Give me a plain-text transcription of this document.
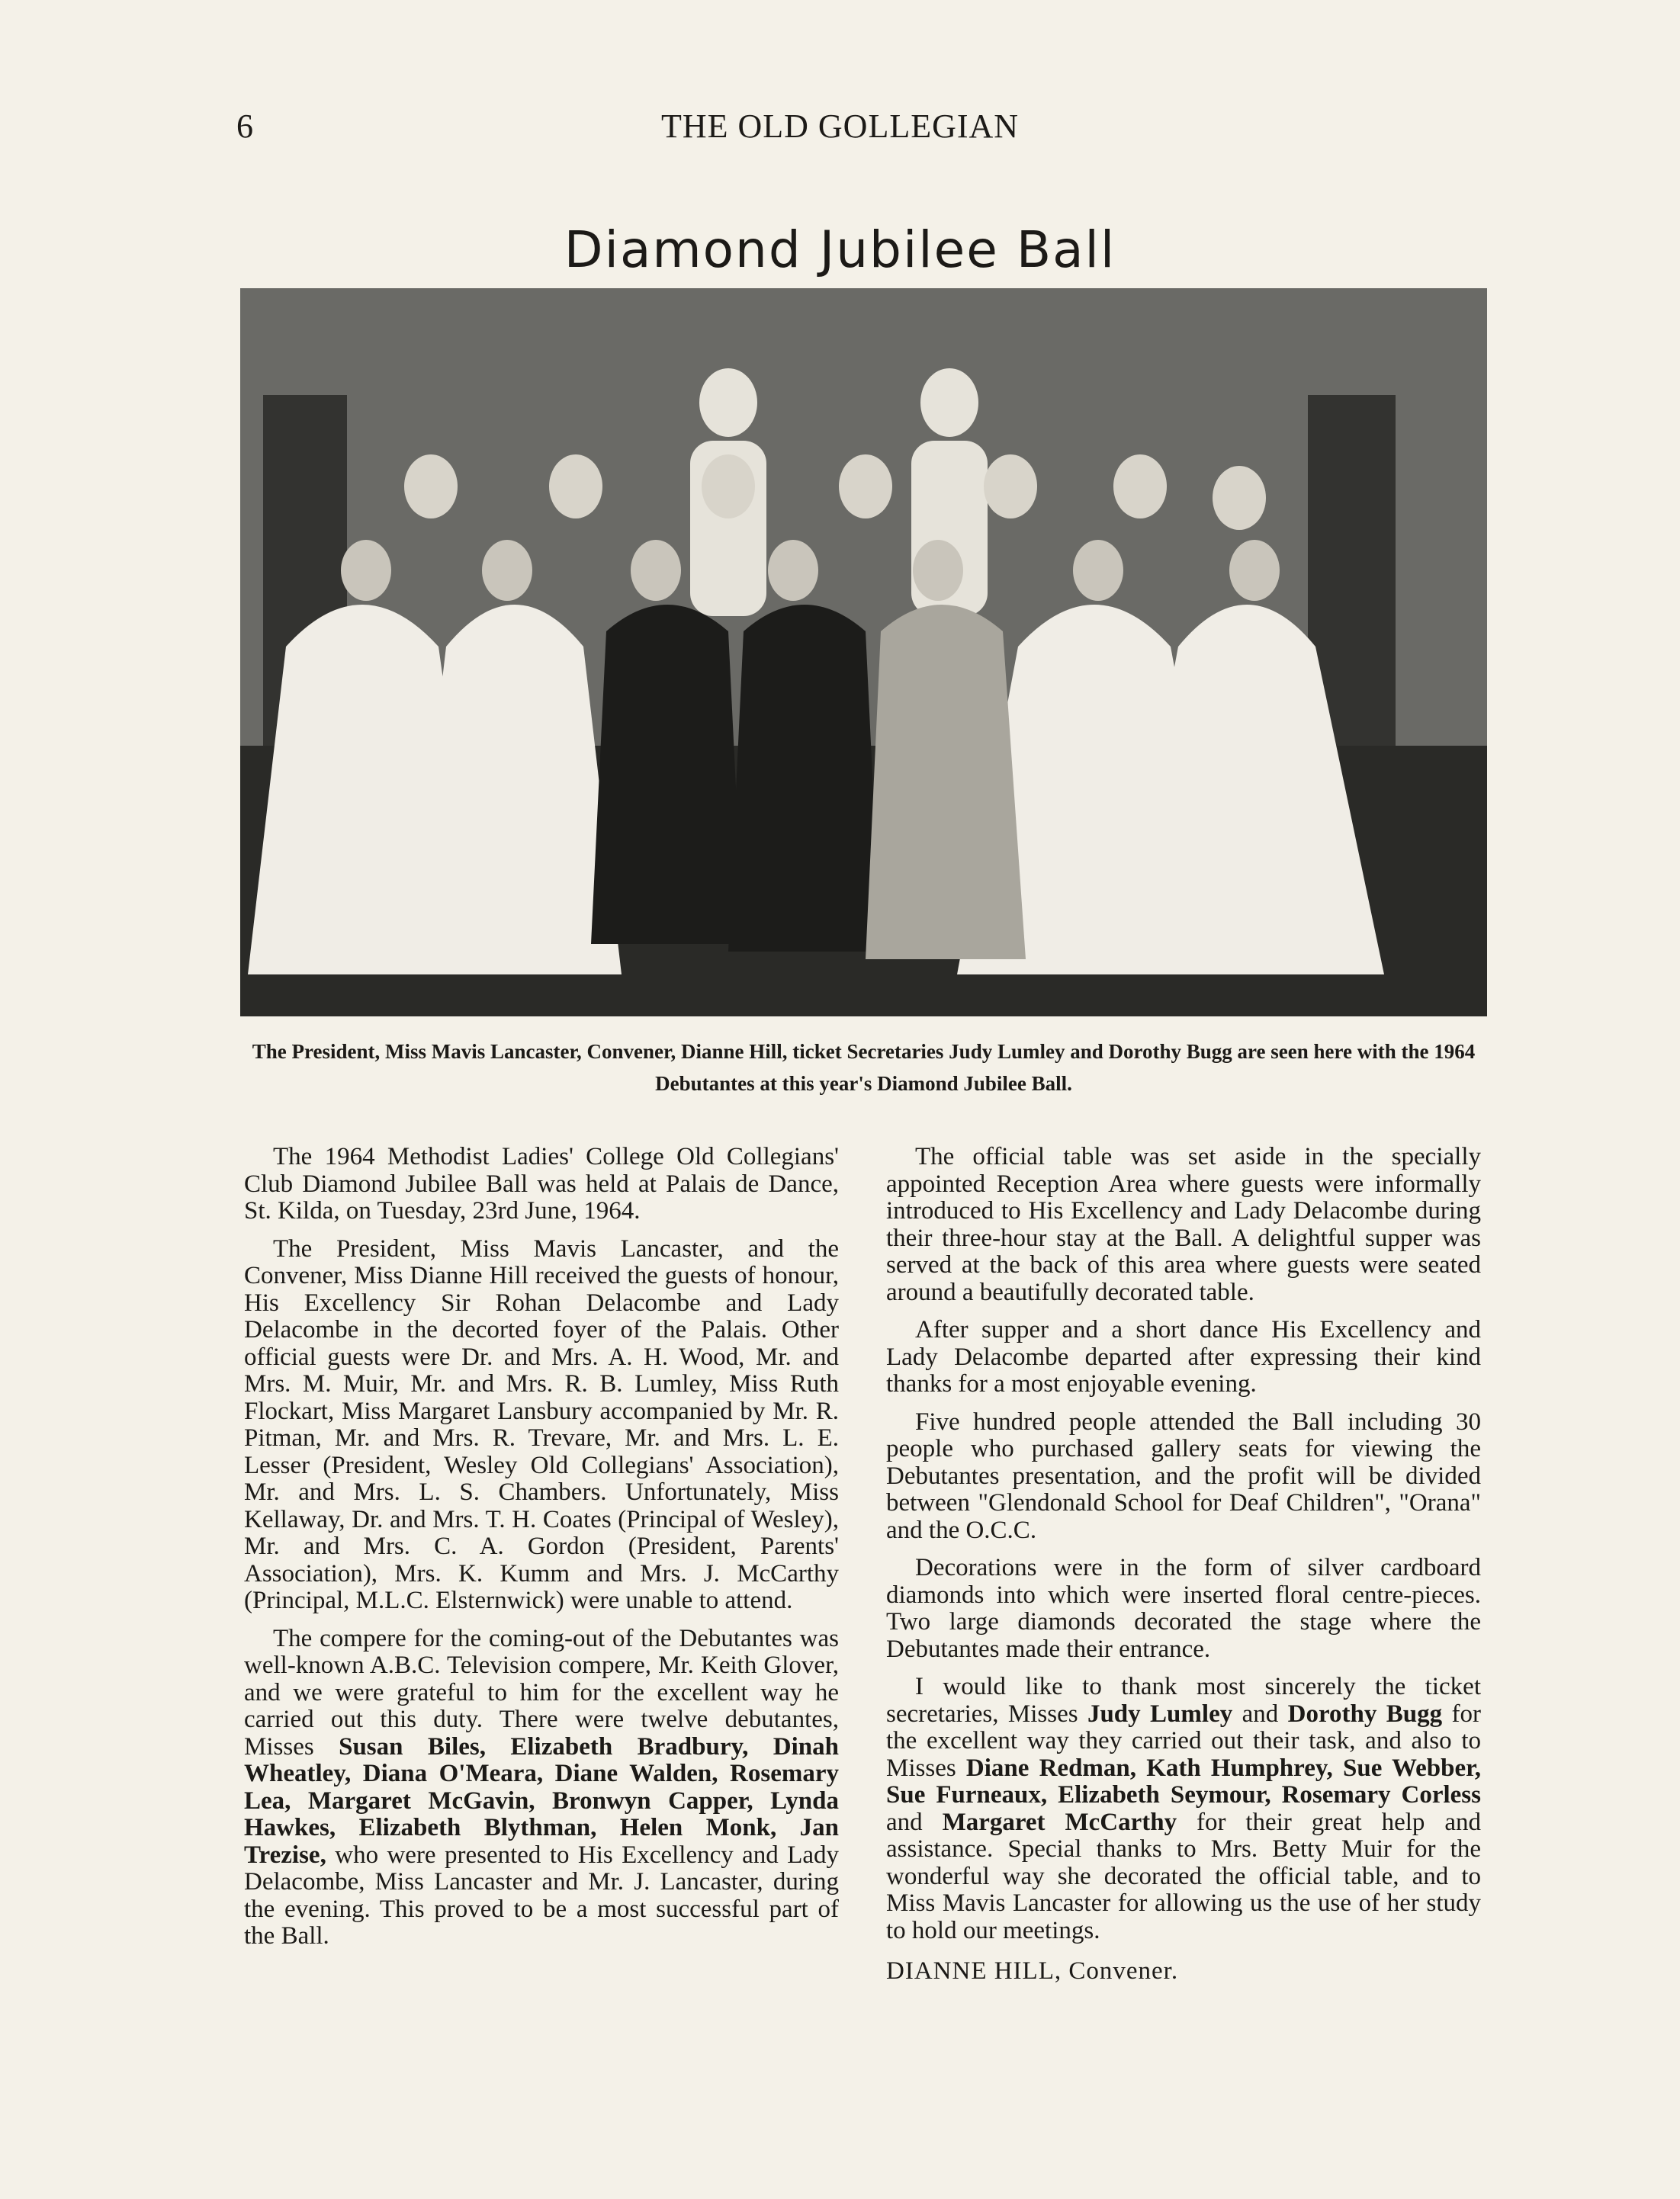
6	THE OLD GOLLEGIAN
Diamond Jubilee Ball
The President, Miss Mavis Lancaster, Convener, Dianne Hill, ticket Secretaries Judy Lumley and Dorothy Bugg are seen here with the 1964 Debutantes at this year's Diamond Jubilee Ball.

The 1964 Methodist Ladies' College Old Collegians' Club Diamond Jubilee Ball was held at Palais de Dance, St. Kilda, on Tuesday, 23rd June, 1964.

The President, Miss Mavis Lancaster, and the Convener, Miss Dianne Hill received the guests of honour, His Excellency Sir Rohan Delacombe and Lady Delacombe in the decorted foyer of the Palais. Other official guests were Dr. and Mrs. A. H. Wood, Mr. and Mrs. M. Muir, Mr. and Mrs. R. B. Lumley, Miss Ruth Flockart, Miss Margaret Lansbury accompanied by Mr. R. Pitman, Mr. and Mrs. R. Trevare, Mr. and Mrs. L. E. Lesser (President, Wesley Old Collegians' Association), Mr. and Mrs. L. S. Chambers. Unfortunately, Miss Kellaway, Dr. and Mrs. T. H. Coates (Principal of Wesley), Mr. and Mrs. C. A. Gordon (President, Parents' Association), Mrs. K. Kumm and Mrs. J. McCarthy (Principal, M.L.C. Elsternwick) were unable to attend.

The compere for the coming-out of the Debutantes was well-known A.B.C. Television compere, Mr. Keith Glover, and we were grateful to him for the excellent way he carried out this duty. There were twelve debutantes, Misses Susan Biles, Elizabeth Bradbury, Dinah Wheatley, Diana O'Meara, Diane Walden, Rosemary Lea, Margaret McGavin, Bronwyn Capper, Lynda Hawkes, Elizabeth Blythman, Helen Monk, Jan Trezise, who were presented to His Excellency and Lady Delacombe, Miss Lancaster and Mr. J. Lancaster, during the evening. This proved to be a most successful part of the Ball.

The official table was set aside in the specially appointed Reception Area where guests were informally introduced to His Excellency and Lady Delacombe during their three-hour stay at the Ball. A delightful supper was served at the back of this area where guests were seated around a beautifully decorated table.

After supper and a short dance His Excellency and Lady Delacombe departed after expressing their kind thanks for a most enjoyable evening.

Five hundred people attended the Ball including 30 people who purchased gallery seats for viewing the Debutantes presentation, and the profit will be divided between "Glendonald School for Deaf Children", "Orana" and the O.C.C.

Decorations were in the form of silver cardboard diamonds into which were inserted floral centre-pieces. Two large diamonds decorated the stage where the Debutantes made their entrance.

I would like to thank most sincerely the ticket secretaries, Misses Judy Lumley and Dorothy Bugg for the excellent way they carried out their task, and also to Misses Diane Redman, Kath Humphrey, Sue Webber, Sue Furneaux, Elizabeth Seymour, Rosemary Corless and Margaret McCarthy for their great help and assistance. Special thanks to Mrs. Betty Muir for the wonderful way she decorated the official table, and to Miss Mavis Lancaster for allowing us the use of her study to hold our meetings.

DIANNE HILL, Convener.
